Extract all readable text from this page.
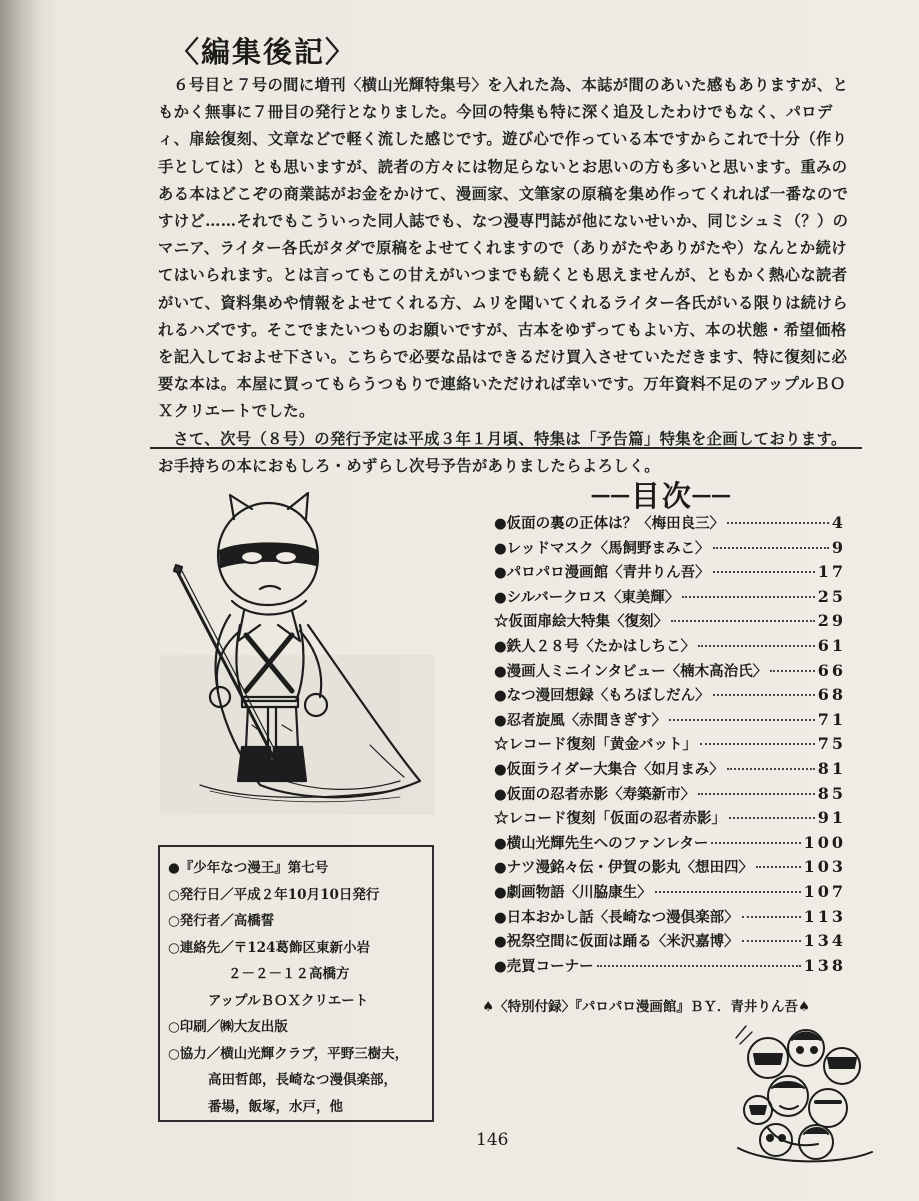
〈編集後記〉

６号目と７号の間に増刊〈横山光輝特集号〉を入れた為、本誌が間のあいた感もありますが、ともかく無事に７冊目の発行となりました。今回の特集も特に深く追及したわけでもなく、パロディ、扉絵復刻、文章などで軽く流した感じです。遊び心で作っている本ですからこれで十分（作り手としては）とも思いますが、読者の方々には物足らないとお思いの方も多いと思います。重みのある本はどこぞの商業誌がお金をかけて、漫画家、文筆家の原稿を集め作ってくれれば一番なのですけど……それでもこういった同人誌でも、なつ漫専門誌が他にないせいか、同じシュミ（？）のマニア、ライター各氏がタダで原稿をよせてくれますので（ありがたやありがたや）なんとか続けてはいられます。とは言ってもこの甘えがいつまでも続くとも思えませんが、ともかく熱心な読者がいて、資料集めや情報をよせてくれる方、ムリを聞いてくれるライター各氏がいる限りは続けられるハズです。そこでまたいつものお願いですが、古本をゆずってもよい方、本の状態・希望価格を記入しておよせ下さい。こちらで必要な品はできるだけ買入させていただきます、特に復刻に必要な本は。本屋に買ってもらうつもりで連絡いただければ幸いです。万年資料不足のアップルＢＯＸクリエートでした。

さて、次号（８号）の発行予定は平成３年１月頃、特集は「予告篇」特集を企画しております。お手持ちの本におもしろ・めずらし次号予告がありましたらよろしく。

──目次──
●仮面の裏の正体は？〈梅田良三〉	4
●レッドマスク〈馬飼野まみこ〉	9
●パロパロ漫画館〈青井りん吾〉	17
●シルバークロス〈東美輝〉	25
☆仮面扉絵大特集〈復刻〉	29
●鉄人２８号〈たかはしちこ〉	61
●漫画人ミニインタビュー〈楠木高治氏〉	66
●なつ漫回想録〈もろぼしだん〉	68
●忍者旋風〈赤間きぎす〉	71
☆レコード復刻「黄金バット」	75
●仮面ライダー大集合〈如月まみ〉	81
●仮面の忍者赤影〈寿築新市〉	85
☆レコード復刻「仮面の忍者赤影」	91
●横山光輝先生へのファンレター	100
●ナツ漫銘々伝・伊賀の影丸〈想田四〉	103
●劇画物語〈川脇康生〉	107
●日本おかし話〈長崎なつ漫倶楽部〉	113
●祝祭空間に仮面は踊る〈米沢嘉博〉	134
●売買コーナー	138
♠〈特別付録〉『パロパロ漫画館』ＢＹ．青井りん吾♠
●『少年なつ漫王』第七号
○発行日／平成２年10月10日発行
○発行者／高橋誓
○連絡先／〒124葛飾区東新小岩
２－２－１２高橋方
アップルＢＯＸクリエート
○印刷／㈱大友出版
○協力／横山光輝クラブ，平野三樹夫，
高田哲郎，長崎なつ漫倶楽部，
番場，飯塚，水戸，他
146
